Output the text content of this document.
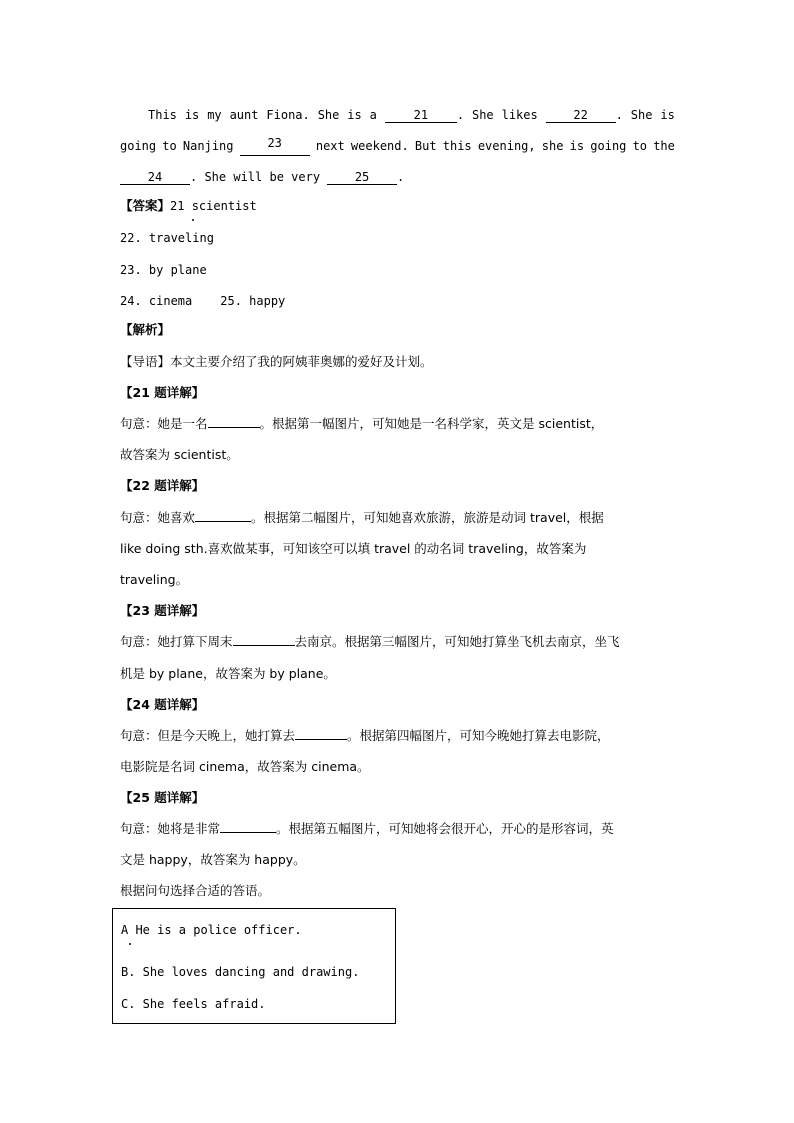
This is my aunt Fiona. She is a	21 . She likes	22 . She is
going to Nanjing	23	next weekend. But this evening, she is going to the
24 . She will be very	25 .
【答案】21 scientist
22. traveling
23. by plane
24. cinema 25. happy
【解析】
【导语】本文主要介绍了我的阿姨菲奥娜的爱好及计划。
【21 题详解】
句意：她是一名	。根据第一幅图片，可知她是一名科学家，英文是 scientist，
故答案为 scientist。
【22 题详解】
句意：她喜欢	。根据第二幅图片，可知她喜欢旅游，旅游是动词 travel，根据
like doing sth.喜欢做某事，可知该空可以填 travel 的动名词 traveling，故答案为
traveling。
【23 题详解】
句意：她打算下周末	去南京。根据第三幅图片，可知她打算坐飞机去南京，坐飞
机是 by plane，故答案为 by plane。
【24 题详解】
句意：但是今天晚上，她打算去	。根据第四幅图片，可知今晚她打算去电影院，
电影院是名词 cinema，故答案为 cinema。
【25 题详解】
句意：她将是非常	。根据第五幅图片，可知她将会很开心，开心的是形容词，英
文是 happy，故答案为 happy。
根据问句选择合适的答语。
A He is a police officer.
B. She loves dancing and drawing.
C. She feels afraid.
